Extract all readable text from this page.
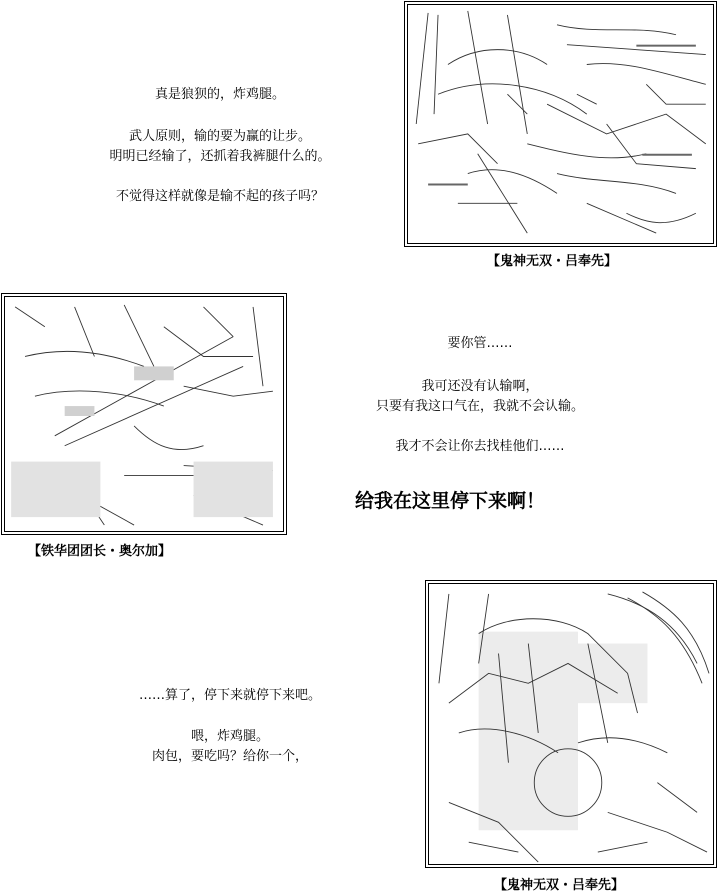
真是狼狈的，炸鸡腿。
武人原则，输的要为赢的让步。
明明已经输了，还抓着我裤腿什么的。
不觉得这样就像是输不起的孩子吗？
【鬼神无双・吕奉先】
【铁华团团长・奥尔加】
要你管……
我可还没有认输啊，
只要有我这口气在，我就不会认输。
我才不会让你去找桂他们……
给我在这里停下来啊！
……算了，停下来就停下来吧。
喂，炸鸡腿。
肉包，要吃吗？给你一个，
【鬼神无双・吕奉先】
